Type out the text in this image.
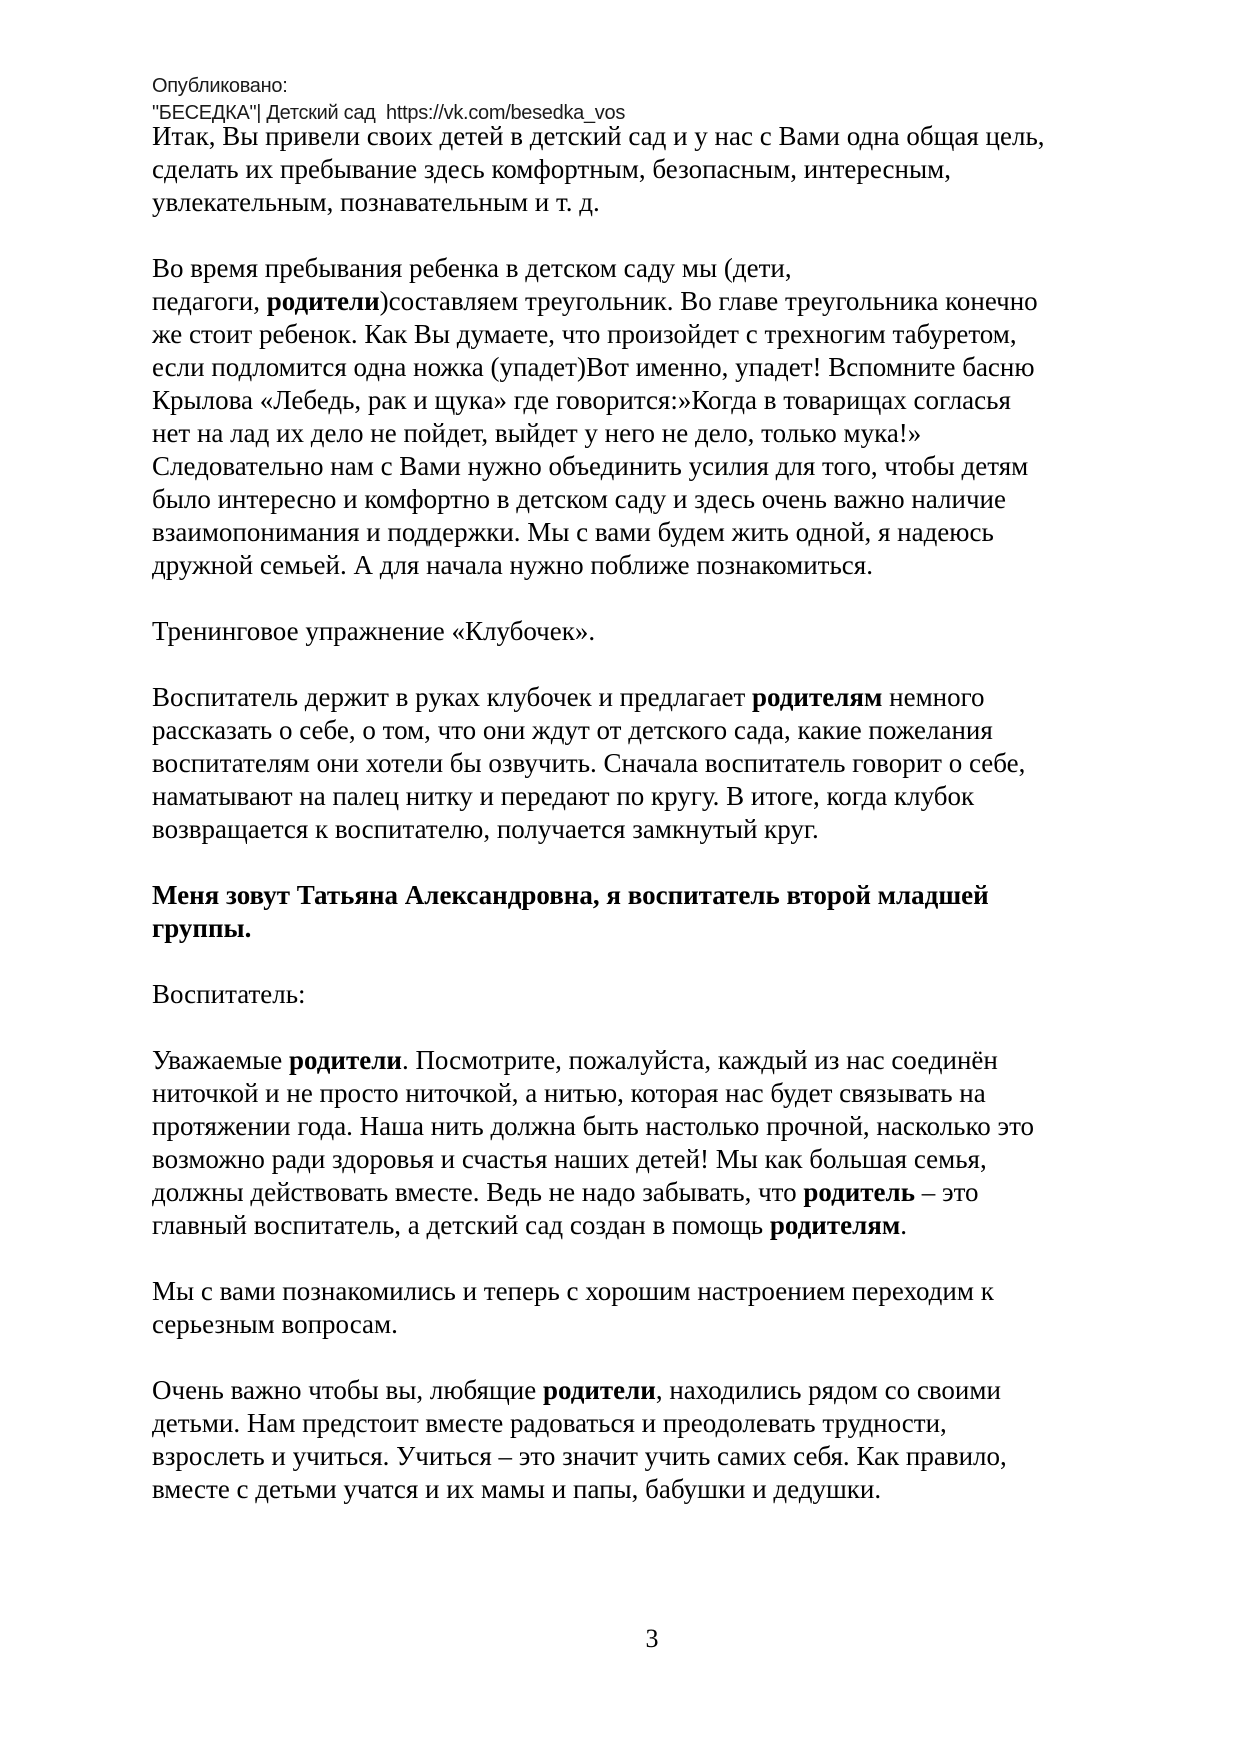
Опубликовано:
"БЕСЕДКА"| Детский сад  https://vk.com/besedka_vos
Итак, Вы привели своих детей в детский сад и у нас с Вами одна общая цель,
сделать их пребывание здесь комфортным, безопасным, интересным,
увлекательным, познавательным и т. д.
Во время пребывания ребенка в детском саду мы (дети,
педагоги, родители)составляем треугольник. Во главе треугольника конечно
же стоит ребенок. Как Вы думаете, что произойдет с трехногим табуретом,
если подломится одна ножка (упадет)Вот именно, упадет! Вспомните басню
Крылова «Лебедь, рак и щука» где говорится:»Когда в товарищах согласья
нет на лад их дело не пойдет, выйдет у него не дело, только мука!»
Следовательно нам с Вами нужно объединить усилия для того, чтобы детям
было интересно и комфортно в детском саду и здесь очень важно наличие
взаимопонимания и поддержки. Мы с вами будем жить одной, я надеюсь
дружной семьей. А для начала нужно поближе познакомиться.
Тренинговое упражнение «Клубочек».
Воспитатель держит в руках клубочек и предлагает родителям немного
рассказать о себе, о том, что они ждут от детского сада, какие пожелания
воспитателям они хотели бы озвучить. Сначала воспитатель говорит о себе,
наматывают на палец нитку и передают по кругу. В итоге, когда клубок
возвращается к воспитателю, получается замкнутый круг.
Меня зовут Татьяна Александровна, я воспитатель второй младшей
группы.
Воспитатель:
Уважаемые родители. Посмотрите, пожалуйста, каждый из нас соединён
ниточкой и не просто ниточкой, а нитью, которая нас будет связывать на
протяжении года. Наша нить должна быть настолько прочной, насколько это
возможно ради здоровья и счастья наших детей! Мы как большая семья,
должны действовать вместе. Ведь не надо забывать, что родитель – это
главный воспитатель, а детский сад создан в помощь родителям.
Мы с вами познакомились и теперь с хорошим настроением переходим к
серьезным вопросам.
Очень важно чтобы вы, любящие родители, находились рядом со своими
детьми. Нам предстоит вместе радоваться и преодолевать трудности,
взрослеть и учиться. Учиться – это значит учить самих себя. Как правило,
вместе с детьми учатся и их мамы и папы, бабушки и дедушки.
3
